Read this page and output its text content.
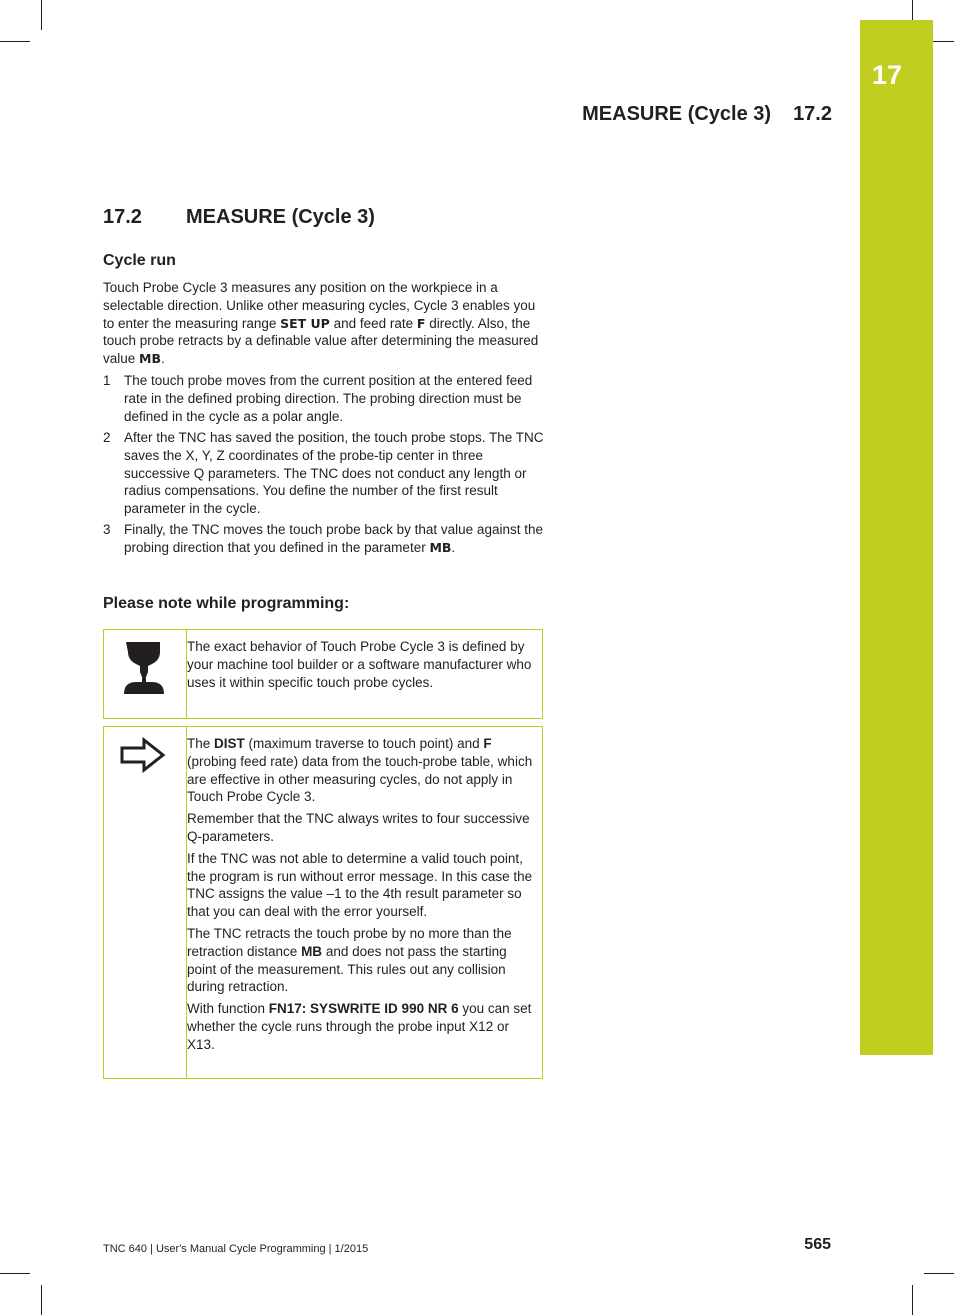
17
MEASURE (Cycle 3) 17.2
17.2 MEASURE (Cycle 3)
Cycle run
Touch Probe Cycle 3 measures any position on the workpiece in a selectable direction. Unlike other measuring cycles, Cycle 3 enables you to enter the measuring range SET UP and feed rate F directly. Also, the touch probe retracts by a definable value after determining the measured value MB.
1 The touch probe moves from the current position at the entered feed rate in the defined probing direction. The probing direction must be defined in the cycle as a polar angle.
2 After the TNC has saved the position, the touch probe stops. The TNC saves the X, Y, Z coordinates of the probe-tip center in three successive Q parameters. The TNC does not conduct any length or radius compensations. You define the number of the first result parameter in the cycle.
3 Finally, the TNC moves the touch probe back by that value against the probing direction that you defined in the parameter MB.
Please note while programming:
The exact behavior of Touch Probe Cycle 3 is defined by your machine tool builder or a software manufacturer who uses it within specific touch probe cycles.

The DIST (maximum traverse to touch point) and F (probing feed rate) data from the touch-probe table, which are effective in other measuring cycles, do not apply in Touch Probe Cycle 3.

Remember that the TNC always writes to four successive Q-parameters.

If the TNC was not able to determine a valid touch point, the program is run without error message. In this case the TNC assigns the value –1 to the 4th result parameter so that you can deal with the error yourself.

The TNC retracts the touch probe by no more than the retraction distance MB and does not pass the starting point of the measurement. This rules out any collision during retraction.

With function FN17: SYSWRITE ID 990 NR 6 you can set whether the cycle runs through the probe input X12 or X13.

TNC 640 | User's Manual Cycle Programming | 1/2015	565
